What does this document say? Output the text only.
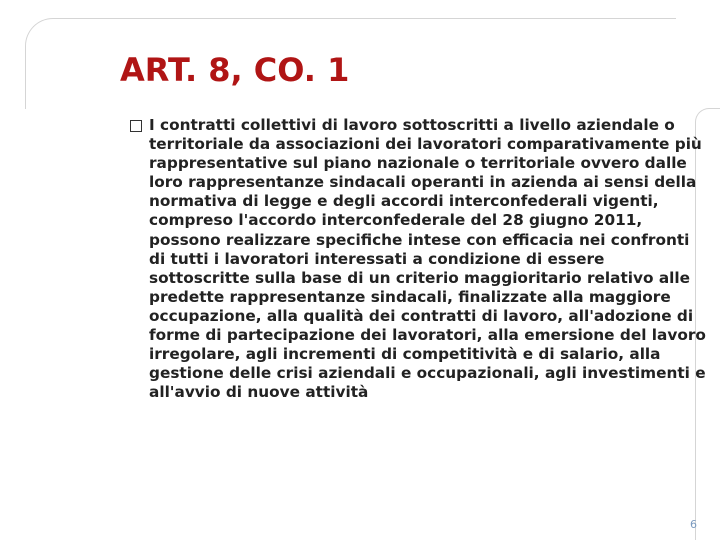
ART. 8, CO. 1

I contratti collettivi di lavoro sottoscritti a livello aziendale o territoriale da associazioni dei lavoratori comparativamente più rappresentative sul piano nazionale o territoriale ovvero dalle loro rappresentanze sindacali operanti in azienda ai sensi della normativa di legge e degli accordi interconfederali vigenti, compreso l'accordo interconfederale del 28 giugno 2011, possono realizzare specifiche intese con efficacia nei confronti di tutti i lavoratori interessati a condizione di essere sottoscritte sulla base di un criterio maggioritario relativo alle predette rappresentanze sindacali, finalizzate alla maggiore occupazione, alla qualità dei contratti di lavoro, all'adozione di forme di partecipazione dei lavoratori, alla emersione del lavoro irregolare, agli incrementi di competitività e di salario, alla gestione delle crisi aziendali e occupazionali, agli investimenti e all'avvio di nuove attività

6
